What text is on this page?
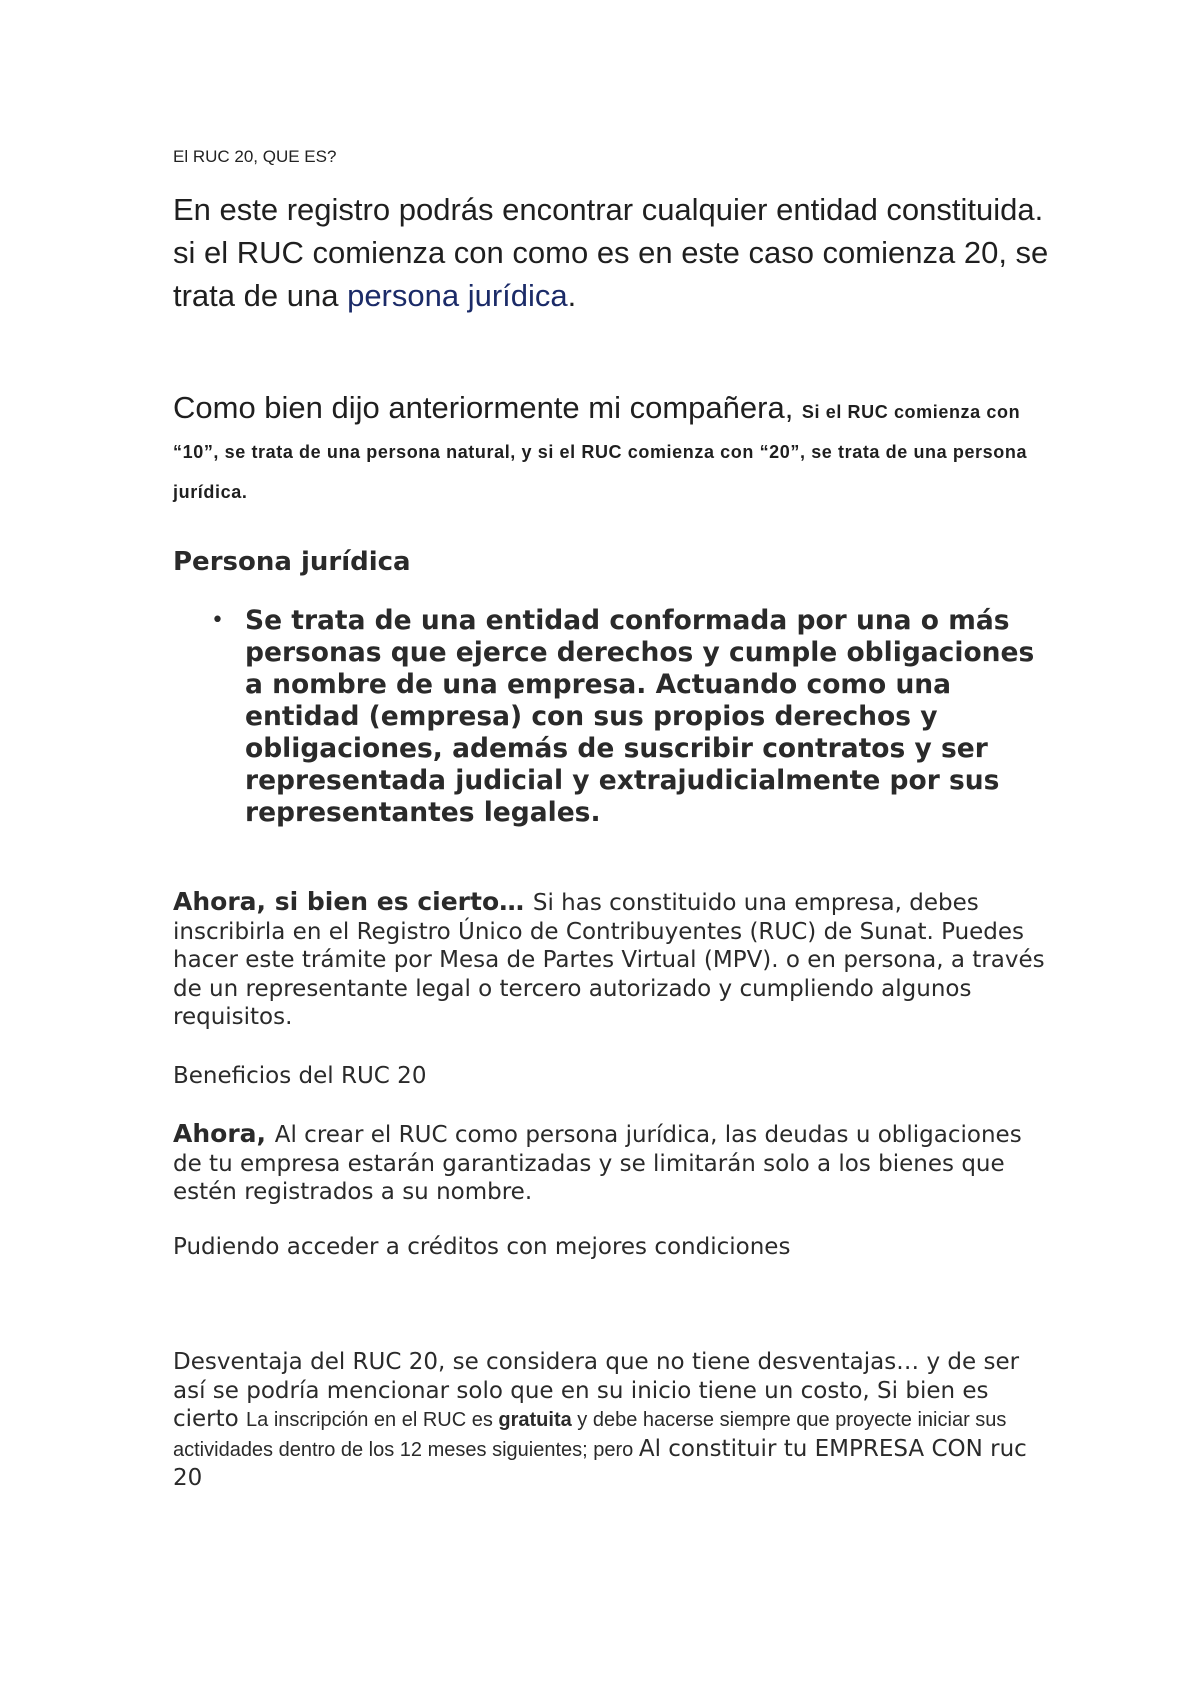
El RUC 20, QUE ES?

En este registro podrás encontrar cualquier entidad constituida. si el RUC comienza con como es en este caso comienza 20, se trata de una persona jurídica.

Como bien dijo anteriormente mi compañera, Si el RUC comienza con “10”, se trata de una persona natural, y si el RUC comienza con “20”, se trata de una persona jurídica.

Persona jurídica

• Se trata de una entidad conformada por una o más personas que ejerce derechos y cumple obligaciones a nombre de una empresa. Actuando como una entidad (empresa) con sus propios derechos y obligaciones, además de suscribir contratos y ser representada judicial y extrajudicialmente por sus representantes legales.

Ahora, si bien es cierto… Si has constituido una empresa, debes inscribirla en el Registro Único de Contribuyentes (RUC) de Sunat. Puedes hacer este trámite por Mesa de Partes Virtual (MPV). o en persona, a través de un representante legal o tercero autorizado y cumpliendo algunos requisitos.

Beneficios del RUC 20

Ahora, Al crear el RUC como persona jurídica, las deudas u obligaciones de tu empresa estarán garantizadas y se limitarán solo a los bienes que estén registrados a su nombre.

Pudiendo acceder a créditos con mejores condiciones

Desventaja del RUC 20, se considera que no tiene desventajas… y de ser así se podría mencionar solo que en su inicio tiene un costo, Si bien es cierto La inscripción en el RUC es gratuita y debe hacerse siempre que proyecte iniciar sus actividades dentro de los 12 meses siguientes; pero Al constituir tu EMPRESA CON ruc 20
